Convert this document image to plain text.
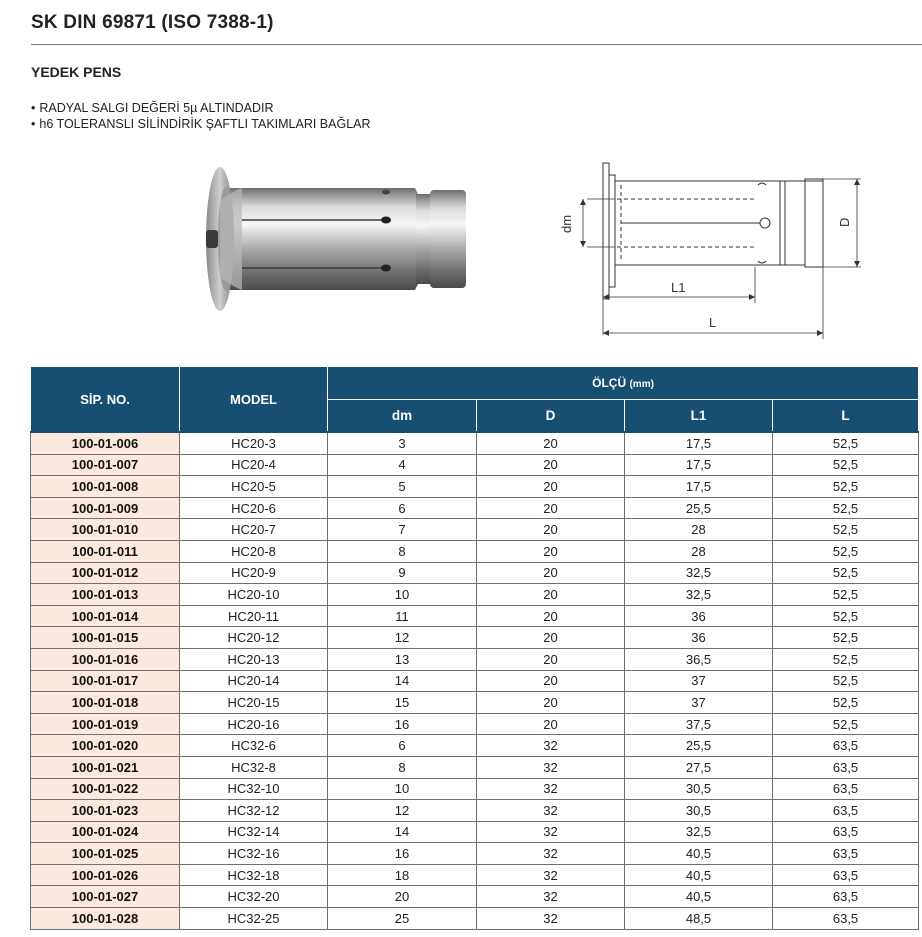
SK DIN 69871 (ISO 7388-1)
YEDEK PENS
• RADYAL SALGI DEĞERİ 5µ ALTINDADIR
• h6 TOLERANSLI SİLİNDİRİK ŞAFTLI TAKIMLARI BAĞLAR
dm	D
L1
L
SİP. NO.	MODEL	ÖLÇÜ (mm)			
		dm	D	L1	L
100-01-006	HC20-3	3	20	17,5	52,5
100-01-007	HC20-4	4	20	17,5	52,5
100-01-008	HC20-5	5	20	17,5	52,5
100-01-009	HC20-6	6	20	25,5	52,5
100-01-010	HC20-7	7	20	28	52,5
100-01-011	HC20-8	8	20	28	52,5
100-01-012	HC20-9	9	20	32,5	52,5
100-01-013	HC20-10	10	20	32,5	52,5
100-01-014	HC20-11	11	20	36	52,5
100-01-015	HC20-12	12	20	36	52,5
100-01-016	HC20-13	13	20	36,5	52,5
100-01-017	HC20-14	14	20	37	52,5
100-01-018	HC20-15	15	20	37	52,5
100-01-019	HC20-16	16	20	37,5	52,5
100-01-020	HC32-6	6	32	25,5	63,5
100-01-021	HC32-8	8	32	27,5	63,5
100-01-022	HC32-10	10	32	30,5	63,5
100-01-023	HC32-12	12	32	30,5	63,5
100-01-024	HC32-14	14	32	32,5	63,5
100-01-025	HC32-16	16	32	40,5	63,5
100-01-026	HC32-18	18	32	40,5	63,5
100-01-027	HC32-20	20	32	40,5	63,5
100-01-028	HC32-25	25	32	48,5	63,5
